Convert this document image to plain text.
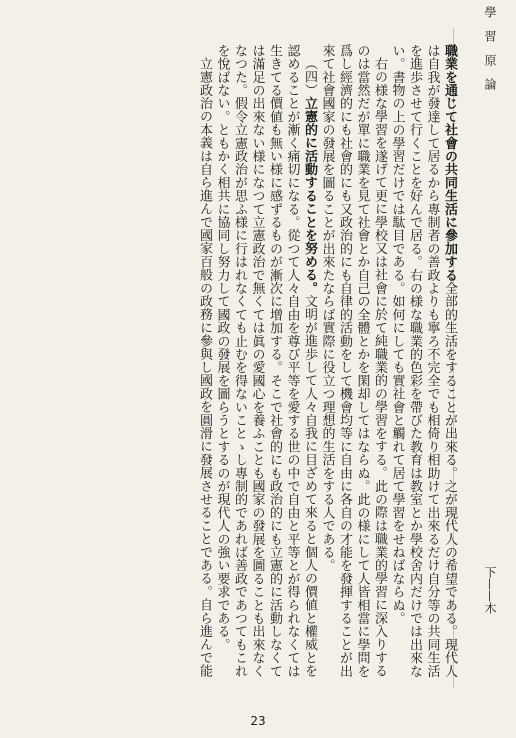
學　習　原　論
下——木
職業を通じて社會の共同生活に參加する全部的生活をすることが出來る。之が現代人の希望である。現代人は自我が發達して居るから專制者の善政よりも寧ろ不完全でも相倚り相助けて出來るだけ自分等の共同生活を進歩させて行くことを好んで居る。右の様な職業的色彩を帶びた教育は教室とか學校舍内だけでは出來ない。書物の上の學習だけでは駄目である。如何にしても實社會と觸れて居て學習をせねばならぬ。
右の様な學習を遂げて更に學校又は社會に於て純職業的の學習をする。此の際は職業的學習に深入りするのは當然だが單に職業を見て社會とか自己の全體とかを閑却してはならぬ。此の様にして人皆相當に學問を爲し經濟的にも社會的にも又政治的にも自律的活動をして機會均等に自由に各自の才能を發揮することが出來て社會國家の發展を圖ることが出來たならば實際に役立つ理想的生活をする人である。
（四）立憲的に活動することを努める。文明が進歩して人々自我に目ざめて來ると個人の價値と權威とを認めることが漸く痛切になる。從つて人々自由を尊び平等を愛する世の中で自由と平等とが得られなくては生きてる價値も無い様に感ずるものが漸次に增加する。そこで社會的にも政治的にも立憲的に活動しなくては滿足の出來ない様になつて立憲政治で無くては眞の愛國心を養ふことも國家の發展を圖ることも出來なくなつた。假令立憲政治が思ふ様に行はれなくても止むを得ないことゝし專制的であれば善政であつてもこれを悅ばない。ともかく相共に協同し努力して國政の發展を圖らうとするのが現代人の強い要求である。
立憲政治の本義は自ら進んで國家百般の政務に參與し國政を圓滑に發展させることである。自ら進んで能
23
